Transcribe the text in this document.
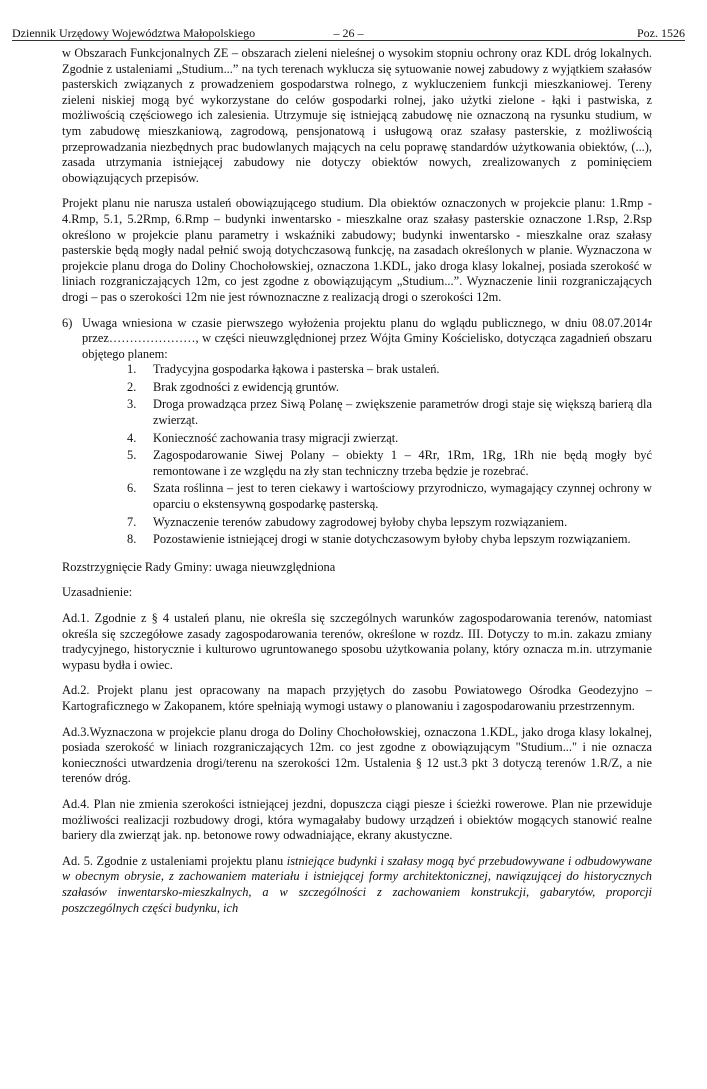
Dziennik Urzędowy Województwa Małopolskiego	– 26 –	Poz. 1526

w Obszarach Funkcjonalnych ZE – obszarach zieleni nieleśnej o wysokim stopniu ochrony oraz KDL dróg lokalnych. Zgodnie z ustaleniami „Studium...” na tych terenach wyklucza się sytuowanie nowej zabudowy z wyjątkiem szałasów pasterskich związanych z prowadzeniem gospodarstwa rolnego, z wykluczeniem funkcji mieszkaniowej. Tereny zieleni niskiej mogą być wykorzystane do celów gospodarki rolnej, jako użytki zielone - łąki i pastwiska, z możliwością częściowego ich zalesienia. Utrzymuje się istniejącą zabudowę nie oznaczoną na rysunku studium, w tym zabudowę mieszkaniową, zagrodową, pensjonatową i usługową oraz szałasy pasterskie, z możliwością przeprowadzania niezbędnych prac budowlanych mających na celu poprawę standardów użytkowania obiektów, (...), zasada utrzymania istniejącej zabudowy nie dotyczy obiektów nowych, zrealizowanych z pominięciem obowiązujących przepisów.

Projekt planu nie narusza ustaleń obowiązującego studium. Dla obiektów oznaczonych w projekcie planu: 1.Rmp - 4.Rmp, 5.1, 5.2Rmp, 6.Rmp – budynki inwentarsko - mieszkalne oraz szałasy pasterskie oznaczone 1.Rsp, 2.Rsp określono w projekcie planu parametry i wskaźniki zabudowy; budynki inwentarsko - mieszkalne oraz szałasy pasterskie będą mogły nadal pełnić swoją dotychczasową funkcję, na zasadach określonych w planie. Wyznaczona w projekcie planu droga do Doliny Chochołowskiej, oznaczona 1.KDL, jako droga klasy lokalnej, posiada szerokość w liniach rozgraniczających 12m, co jest zgodne z obowiązującym „Studium...”. Wyznaczenie linii rozgraniczających drogi – pas o szerokości 12m nie jest równoznaczne z realizacją drogi o szerokości 12m.

6) Uwaga wniesiona w czasie pierwszego wyłożenia projektu planu do wglądu publicznego, w dniu 08.07.2014r przez…………………, w części nieuwzględnionej przez Wójta Gminy Kościelisko, dotycząca zagadnień obszaru objętego planem:
1.	Tradycyjna gospodarka łąkowa i pasterska – brak ustaleń.
2.	Brak zgodności z ewidencją gruntów.
3.	Droga prowadząca przez Siwą Polanę – zwiększenie parametrów drogi staje się większą barierą dla zwierząt.
4.	Konieczność zachowania trasy migracji zwierząt.
5.	Zagospodarowanie Siwej Polany – obiekty 1 – 4Rr, 1Rm, 1Rg, 1Rh nie będą mogły być remontowane i ze względu na zły stan techniczny trzeba będzie je rozebrać.
6.	Szata roślinna – jest to teren ciekawy i wartościowy przyrodniczo, wymagający czynnej ochrony w oparciu o ekstensywną gospodarkę pasterską.
7.	Wyznaczenie terenów zabudowy zagrodowej byłoby chyba lepszym rozwiązaniem.
8.	Pozostawienie istniejącej drogi w stanie dotychczasowym byłoby chyba lepszym rozwiązaniem.

Rozstrzygnięcie Rady Gminy: uwaga nieuwzględniona

Uzasadnienie:

Ad.1. Zgodnie z § 4 ustaleń planu, nie określa się szczególnych warunków zagospodarowania terenów, natomiast określa się szczegółowe zasady zagospodarowania terenów, określone w rozdz. III. Dotyczy to m.in. zakazu zmiany tradycyjnego, historycznie i kulturowo ugruntowanego sposobu użytkowania polany, który oznacza m.in. utrzymanie wypasu bydła i owiec.

Ad.2. Projekt planu jest opracowany na mapach przyjętych do zasobu Powiatowego Ośrodka Geodezyjno – Kartograficznego w Zakopanem, które spełniają wymogi ustawy o planowaniu i zagospodarowaniu przestrzennym.

Ad.3.Wyznaczona w projekcie planu droga do Doliny Chochołowskiej, oznaczona 1.KDL, jako droga klasy lokalnej, posiada szerokość w liniach rozgraniczających 12m. co jest zgodne z obowiązującym "Studium..." i nie oznacza konieczności utwardzenia drogi/terenu na szerokości 12m. Ustalenia § 12 ust.3 pkt 3 dotyczą terenów 1.R/Z, a nie terenów dróg.

Ad.4. Plan nie zmienia szerokości istniejącej jezdni, dopuszcza ciągi piesze i ścieżki rowerowe. Plan nie przewiduje możliwości realizacji rozbudowy drogi, która wymagałaby budowy urządzeń i obiektów mogących stanowić realne bariery dla zwierząt jak. np. betonowe rowy odwadniające, ekrany akustyczne.

Ad. 5. Zgodnie z ustaleniami projektu planu istniejące budynki i szałasy mogą być przebudowywane i odbudowywane w obecnym obrysie, z zachowaniem materiału i istniejącej formy architektonicznej, nawiązującej do historycznych szałasów inwentarsko-mieszkalnych, a w szczególności z zachowaniem konstrukcji, gabarytów, proporcji poszczególnych części budynku, ich
